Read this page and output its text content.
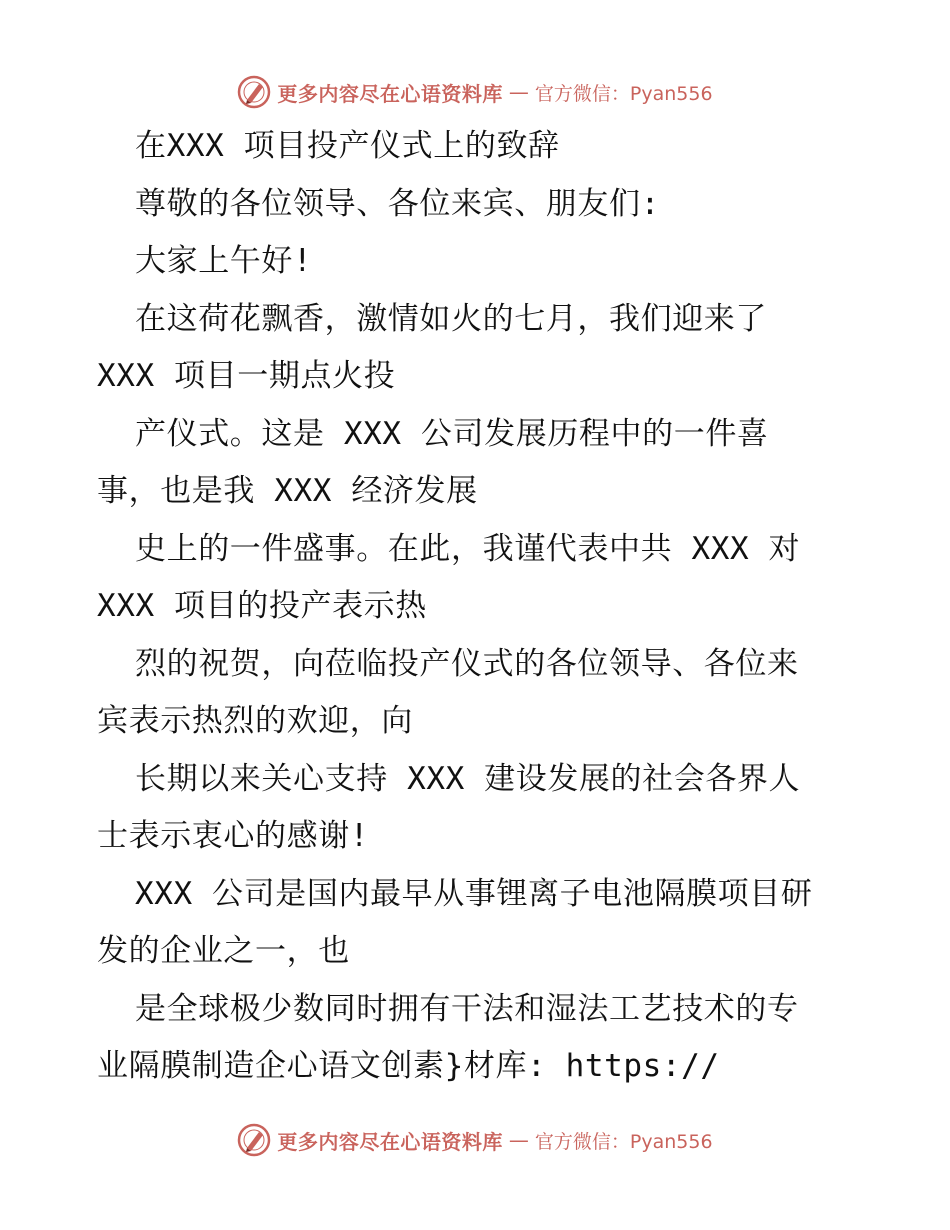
更多内容尽在心语资料库 — 官方微信：Pyan556
在XXX 项目投产仪式上的致辞
尊敬的各位领导、各位来宾、朋友们:
大家上午好!
在这荷花飘香，激情如火的七月，我们迎来了
XXX 项目一期点火投
产仪式。这是 XXX 公司发展历程中的一件喜
事，也是我 XXX 经济发展
史上的一件盛事。在此，我谨代表中共 XXX 对
XXX 项目的投产表示热
烈的祝贺，向莅临投产仪式的各位领导、各位来
宾表示热烈的欢迎，向
长期以来关心支持 XXX 建设发展的社会各界人
士表示衷心的感谢!
XXX 公司是国内最早从事锂离子电池隔膜项目研
发的企业之一，也
是全球极少数同时拥有干法和湿法工艺技术的专
业隔膜制造企心语文创素}材库: https://
更多内容尽在心语资料库 — 官方微信：Pyan556
